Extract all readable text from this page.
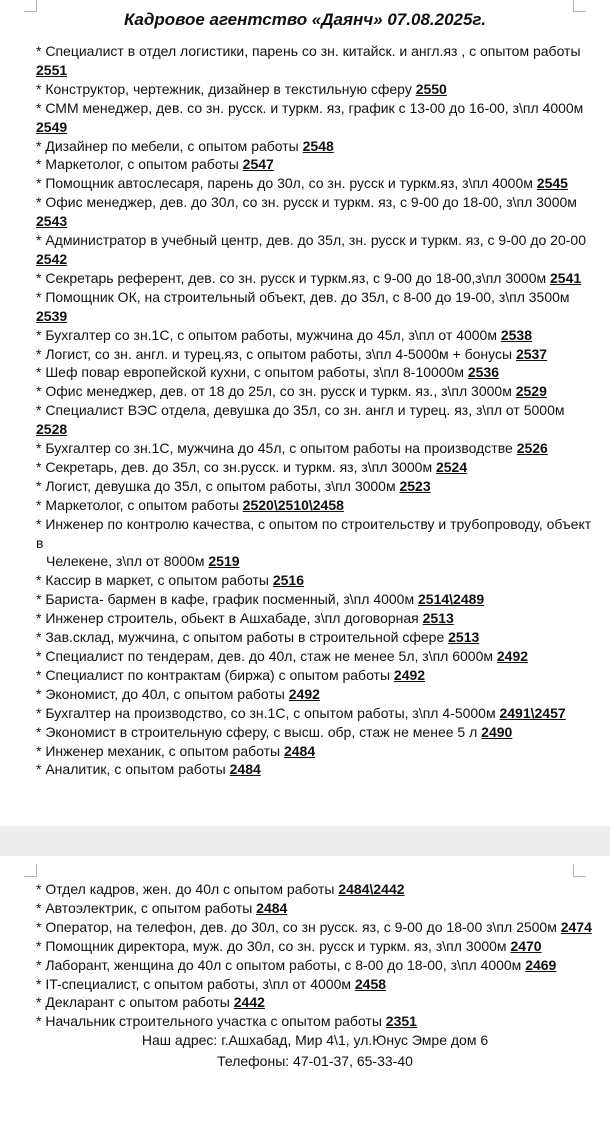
Кадровое агентство «Даянч» 07.08.2025г.
* Специалист в отдел логистики, парень со зн. китайск. и англ.яз , с опытом работы 2551
* Конструктор, чертежник, дизайнер в текстильную сферу 2550
* СММ менеджер, дев. со зн. русск. и туркм. яз, график с 13-00 до 16-00, з\пл 4000м 2549
* Дизайнер по мебели, с опытом работы 2548
* Маркетолог, с опытом работы 2547
* Помощник автослесаря, парень до 30л, со зн. русск и туркм.яз, з\пл 4000м 2545
* Офис менеджер, дев. до 30л, со зн. русск и туркм. яз, с 9-00 до 18-00, з\пл 3000м 2543
* Администратор в учебный центр, дев. до 35л, зн. русск и туркм. яз, с 9-00 до 20-00 2542
* Секретарь референт, дев. со зн. русск и туркм.яз, с 9-00 до 18-00,з\пл 3000м 2541
* Помощник ОК, на строительный объект, дев. до 35л, с 8-00 до 19-00, з\пл 3500м 2539
* Бухгалтер со зн.1С, с опытом работы, мужчина до 45л, з\пл от 4000м 2538
* Логист, со зн. англ. и турец.яз, с опытом работы, з\пл 4-5000м + бонусы 2537
* Шеф повар европейской кухни, с опытом работы, з\пл 8-10000м 2536
* Офис менеджер, дев. от 18 до 25л, со зн. русск и туркм. яз., з\пл 3000м 2529
* Специалист ВЭС отдела, девушка до 35л, со зн. англ и турец. яз, з\пл от 5000м 2528
* Бухгалтер со зн.1С, мужчина до 45л, с опытом работы на производстве 2526
* Секретарь, дев. до 35л, со зн.русск. и туркм. яз, з\пл 3000м 2524
* Логист, девушка до 35л, с опытом работы, з\пл 3000м 2523
* Маркетолог, с опытом работы 2520\2510\2458
* Инженер по контролю качества, с опытом по строительству и трубопроводу, объект в
Челекене, з\пл от 8000м 2519
* Кассир в маркет, с опытом работы 2516
* Бариста- бармен в кафе, график посменный, з\пл 4000м 2514\2489
* Инженер строитель, обьект в Ашхабаде, з\пл договорная 2513
* Зав.склад, мужчина, с опытом работы в строительной сфере 2513
* Специалист по тендерам, дев. до 40л, стаж не менее 5л, з\пл 6000м 2492
* Специалист по контрактам (биржа) с опытом работы 2492
* Экономист, до 40л, с опытом работы 2492
* Бухгалтер на производство, со зн.1С, с опытом работы, з\пл 4-5000м 2491\2457
* Экономист в строительную сферу, с высш. обр, стаж не менее 5 л 2490
* Инженер механик, с опытом работы 2484
* Аналитик, с опытом работы 2484
* Отдел кадров, жен. до 40л с опытом работы 2484\2442
* Автоэлектрик, с опытом работы 2484
* Оператор, на телефон, дев. до 30л, со зн русск. яз, с 9-00 до 18-00 з\пл 2500м 2474
* Помощник директора, муж. до 30л, со зн. русск и туркм. яз, з\пл 3000м 2470
* Лаборант, женщина до 40л с опытом работы, с 8-00 до 18-00, з\пл 4000м 2469
* IT-специалист, с опытом работы, з\пл от 4000м 2458
* Декларант с опытом работы 2442
* Начальник строительного участка с опытом работы 2351
Наш адрес: г.Ашхабад, Мир 4\1, ул.Юнус Эмре дом 6
Телефоны: 47-01-37, 65-33-40
